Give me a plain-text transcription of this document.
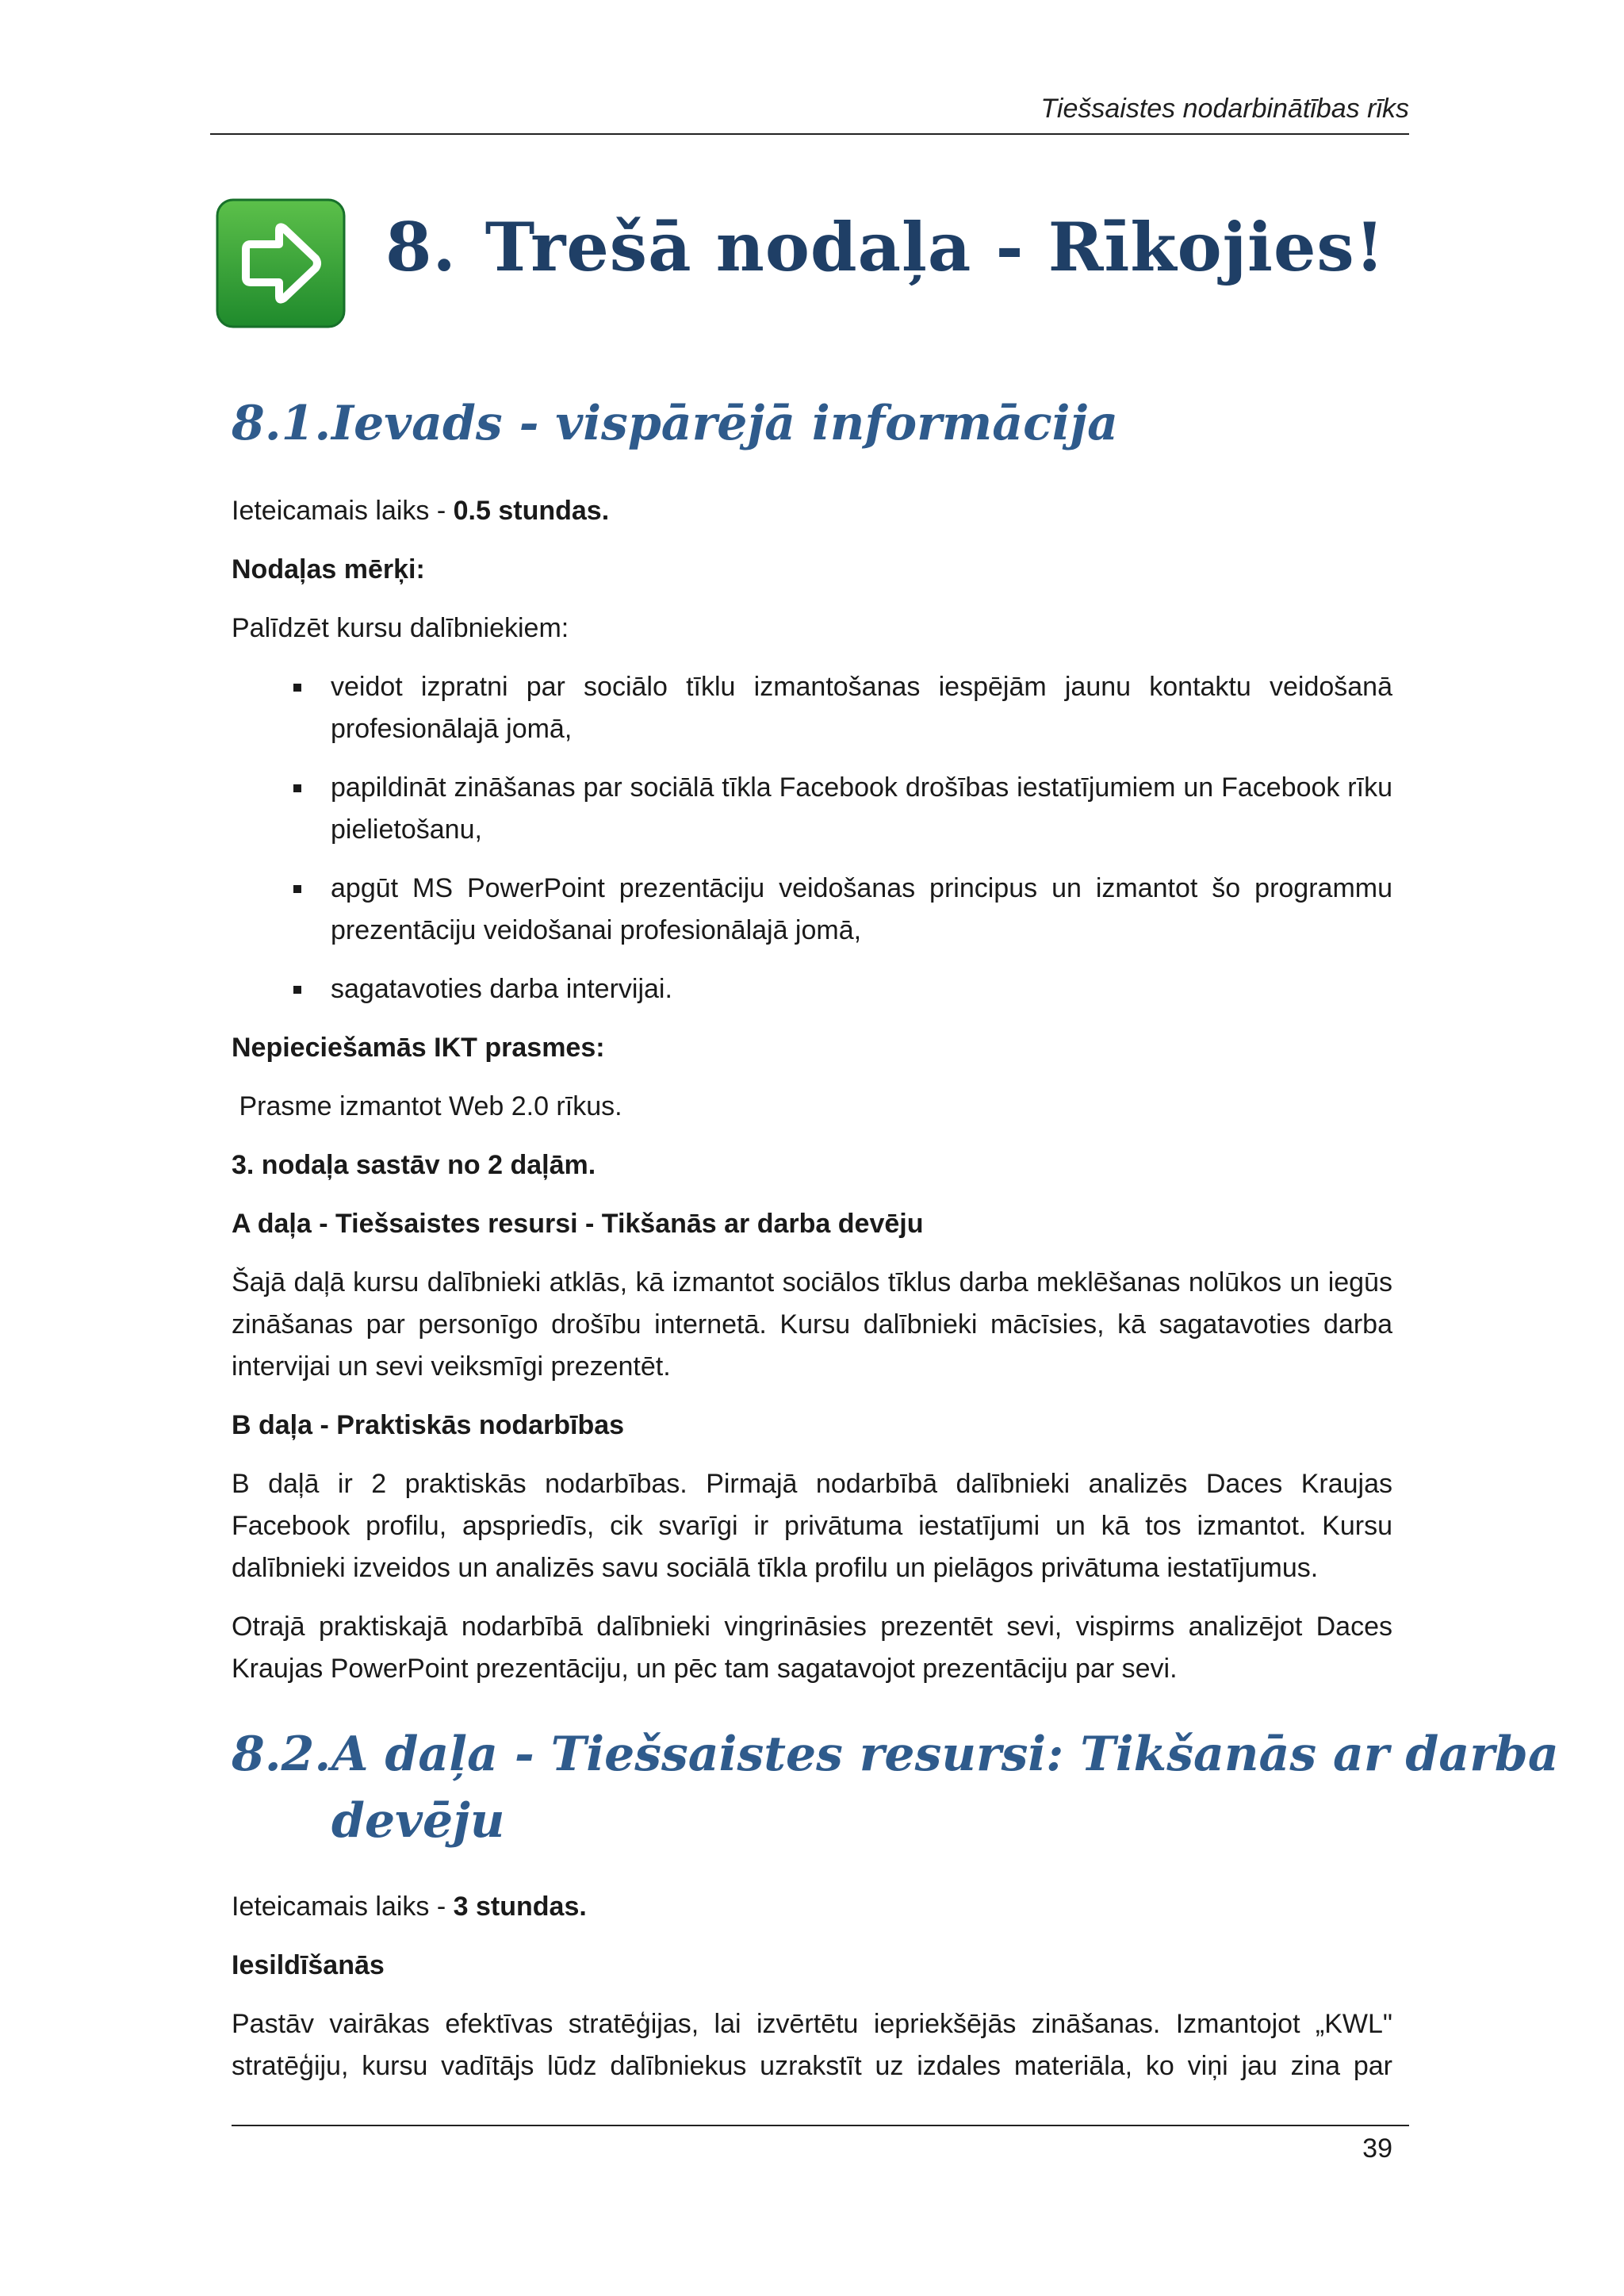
Tiešsaistes nodarbinātības rīks
8. Trešā nodaļa - Rīkojies!
8.1.Ievads - vispārējā informācija

Ieteicamais laiks - 0.5 stundas.

Nodaļas mērķi:

Palīdzēt kursu dalībniekiem:

veidot izpratni par sociālo tīklu izmantošanas iespējām jaunu kontaktu veidošanā profesionālajā jomā,
papildināt zināšanas par sociālā tīkla Facebook drošības iestatījumiem un Facebook rīku pielietošanu,
apgūt MS PowerPoint prezentāciju veidošanas principus un izmantot šo programmu prezentāciju veidošanai profesionālajā jomā,
sagatavoties darba intervijai.

Nepieciešamās IKT prasmes:

Prasme izmantot Web 2.0 rīkus.

3. nodaļa sastāv no 2 daļām.

A daļa - Tiešsaistes resursi - Tikšanās ar darba devēju

Šajā daļā kursu dalībnieki atklās, kā izmantot sociālos tīklus darba meklēšanas nolūkos un iegūs zināšanas par personīgo drošību internetā. Kursu dalībnieki mācīsies, kā sagatavoties darba intervijai un sevi veiksmīgi prezentēt.

B daļa - Praktiskās nodarbības

B daļā ir 2 praktiskās nodarbības. Pirmajā nodarbībā dalībnieki analizēs Daces Kraujas Facebook profilu, apspriedīs, cik svarīgi ir privātuma iestatījumi un kā tos izmantot. Kursu dalībnieki izveidos un analizēs savu sociālā tīkla profilu un pielāgos privātuma iestatījumus.

Otrajā praktiskajā nodarbībā dalībnieki vingrināsies prezentēt sevi, vispirms analizējot Daces Kraujas PowerPoint prezentāciju, un pēc tam sagatavojot prezentāciju par sevi.

8.2.A daļa - Tiešsaistes resursi: Tikšanās ar darba
devēju

Ieteicamais laiks - 3 stundas.

Iesildīšanās

Pastāv vairākas efektīvas stratēģijas, lai izvērtētu iepriekšējās zināšanas. Izmantojot „KWL" stratēģiju, kursu vadītājs lūdz dalībniekus uzrakstīt uz izdales materiāla, ko viņi jau zina par

39
